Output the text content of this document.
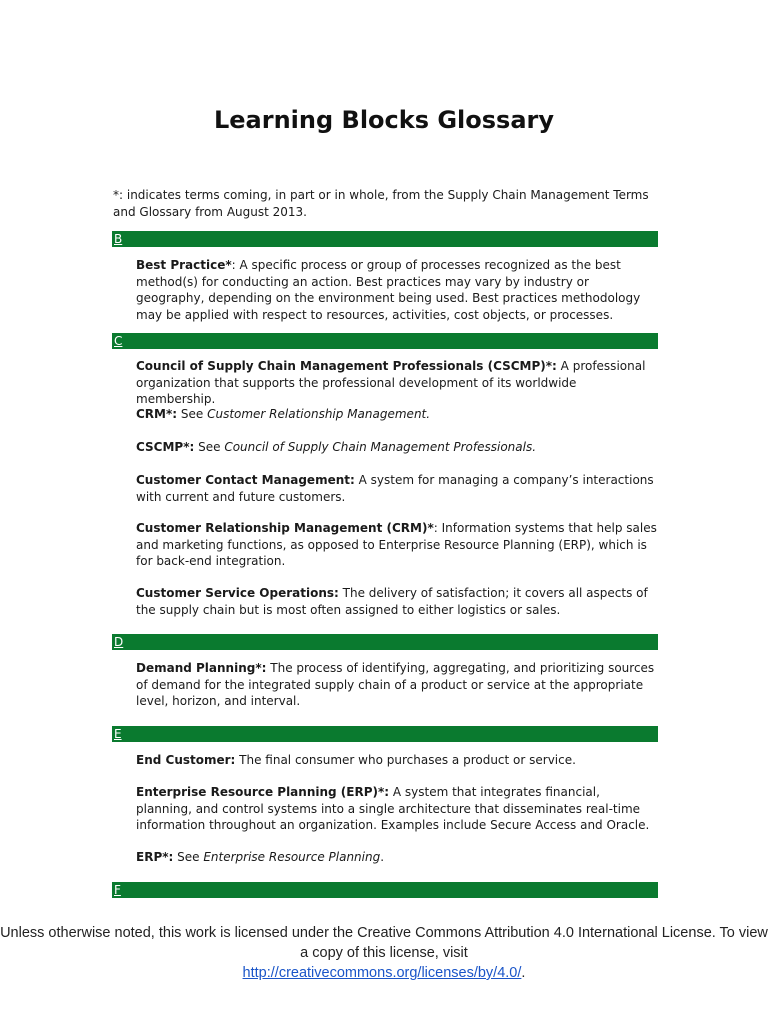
Learning Blocks Glossary
*: indicates terms coming, in part or in whole, from the Supply Chain Management Terms and Glossary from August 2013.
B
Best Practice*: A specific process or group of processes recognized as the best method(s) for conducting an action. Best practices may vary by industry or geography, depending on the environment being used. Best practices methodology may be applied with respect to resources, activities, cost objects, or processes.
C
Council of Supply Chain Management Professionals (CSCMP)*: A professional organization that supports the professional development of its worldwide membership.
CRM*: See Customer Relationship Management.
CSCMP*: See Council of Supply Chain Management Professionals.
Customer Contact Management: A system for managing a company’s interactions with current and future customers.
Customer Relationship Management (CRM)*: Information systems that help sales and marketing functions, as opposed to Enterprise Resource Planning (ERP), which is for back-end integration.
Customer Service Operations: The delivery of satisfaction; it covers all aspects of the supply chain but is most often assigned to either logistics or sales.
D
Demand Planning*: The process of identifying, aggregating, and prioritizing sources of demand for the integrated supply chain of a product or service at the appropriate level, horizon, and interval.
E
End Customer: The final consumer who purchases a product or service.
Enterprise Resource Planning (ERP)*: A system that integrates financial, planning, and control systems into a single architecture that disseminates real-time information throughout an organization. Examples include Secure Access and Oracle.
ERP*: See Enterprise Resource Planning.
F
Unless otherwise noted, this work is licensed under the Creative Commons Attribution 4.0 International License. To view a copy of this license, visit
http://creativecommons.org/licenses/by/4.0/.
